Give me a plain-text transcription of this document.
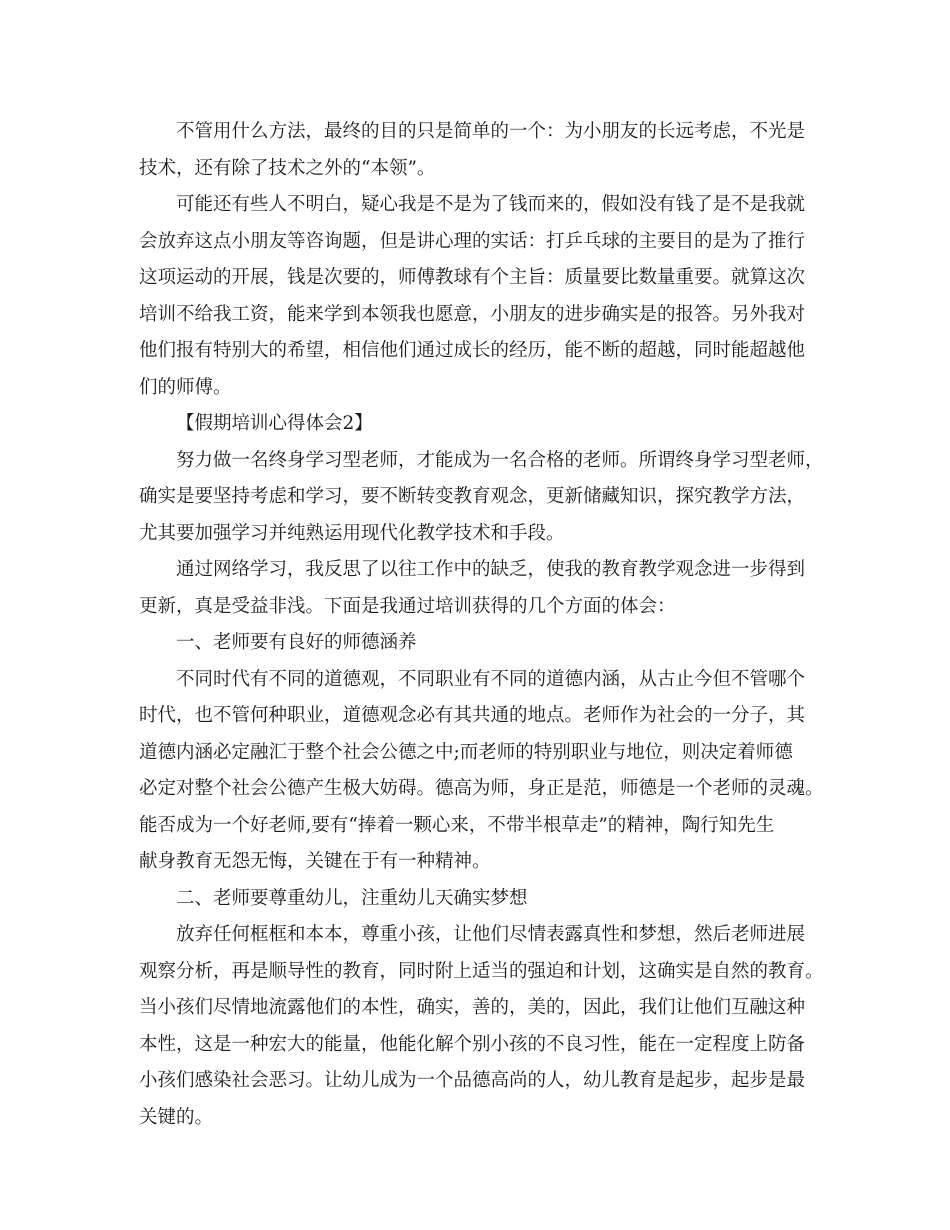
不管用什么方法，最终的目的只是简单的一个：为小朋友的长远考虑，不光是
技术，还有除了技术之外的“本领”。
可能还有些人不明白，疑心我是不是为了钱而来的，假如没有钱了是不是我就
会放弃这点小朋友等咨询题，但是讲心理的实话：打乒乓球的主要目的是为了推行
这项运动的开展，钱是次要的，师傅教球有个主旨：质量要比数量重要。就算这次
培训不给我工资，能来学到本领我也愿意，小朋友的进步确实是的报答。另外我对
他们报有特别大的希望，相信他们通过成长的经历，能不断的超越，同时能超越他
们的师傅。
【假期培训心得体会2】
努力做一名终身学习型老师，才能成为一名合格的老师。所谓终身学习型老师，
确实是要坚持考虑和学习，要不断转变教育观念，更新储藏知识，探究教学方法，
尤其要加强学习并纯熟运用现代化教学技术和手段。
通过网络学习，我反思了以往工作中的缺乏，使我的教育教学观念进一步得到
更新，真是受益非浅。下面是我通过培训获得的几个方面的体会：
一、老师要有良好的师德涵养
不同时代有不同的道德观，不同职业有不同的道德内涵，从古止今但不管哪个
时代，也不管何种职业，道德观念必有其共通的地点。老师作为社会的一分子，其
道德内涵必定融汇于整个社会公德之中;而老师的特别职业与地位，则决定着师德
必定对整个社会公德产生极大妨碍。德高为师，身正是范，师德是一个老师的灵魂。
能否成为一个好老师,要有“捧着一颗心来，不带半根草走”的精神，陶行知先生
献身教育无怨无悔，关键在于有一种精神。
二、老师要尊重幼儿，注重幼儿天确实梦想
放弃任何框框和本本，尊重小孩，让他们尽情表露真性和梦想，然后老师进展
观察分析，再是顺导性的教育，同时附上适当的强迫和计划，这确实是自然的教育。
当小孩们尽情地流露他们的本性，确实，善的，美的，因此，我们让他们互融这种
本性，这是一种宏大的能量，他能化解个别小孩的不良习性，能在一定程度上防备
小孩们感染社会恶习。让幼儿成为一个品德高尚的人，幼儿教育是起步，起步是最
关键的。
